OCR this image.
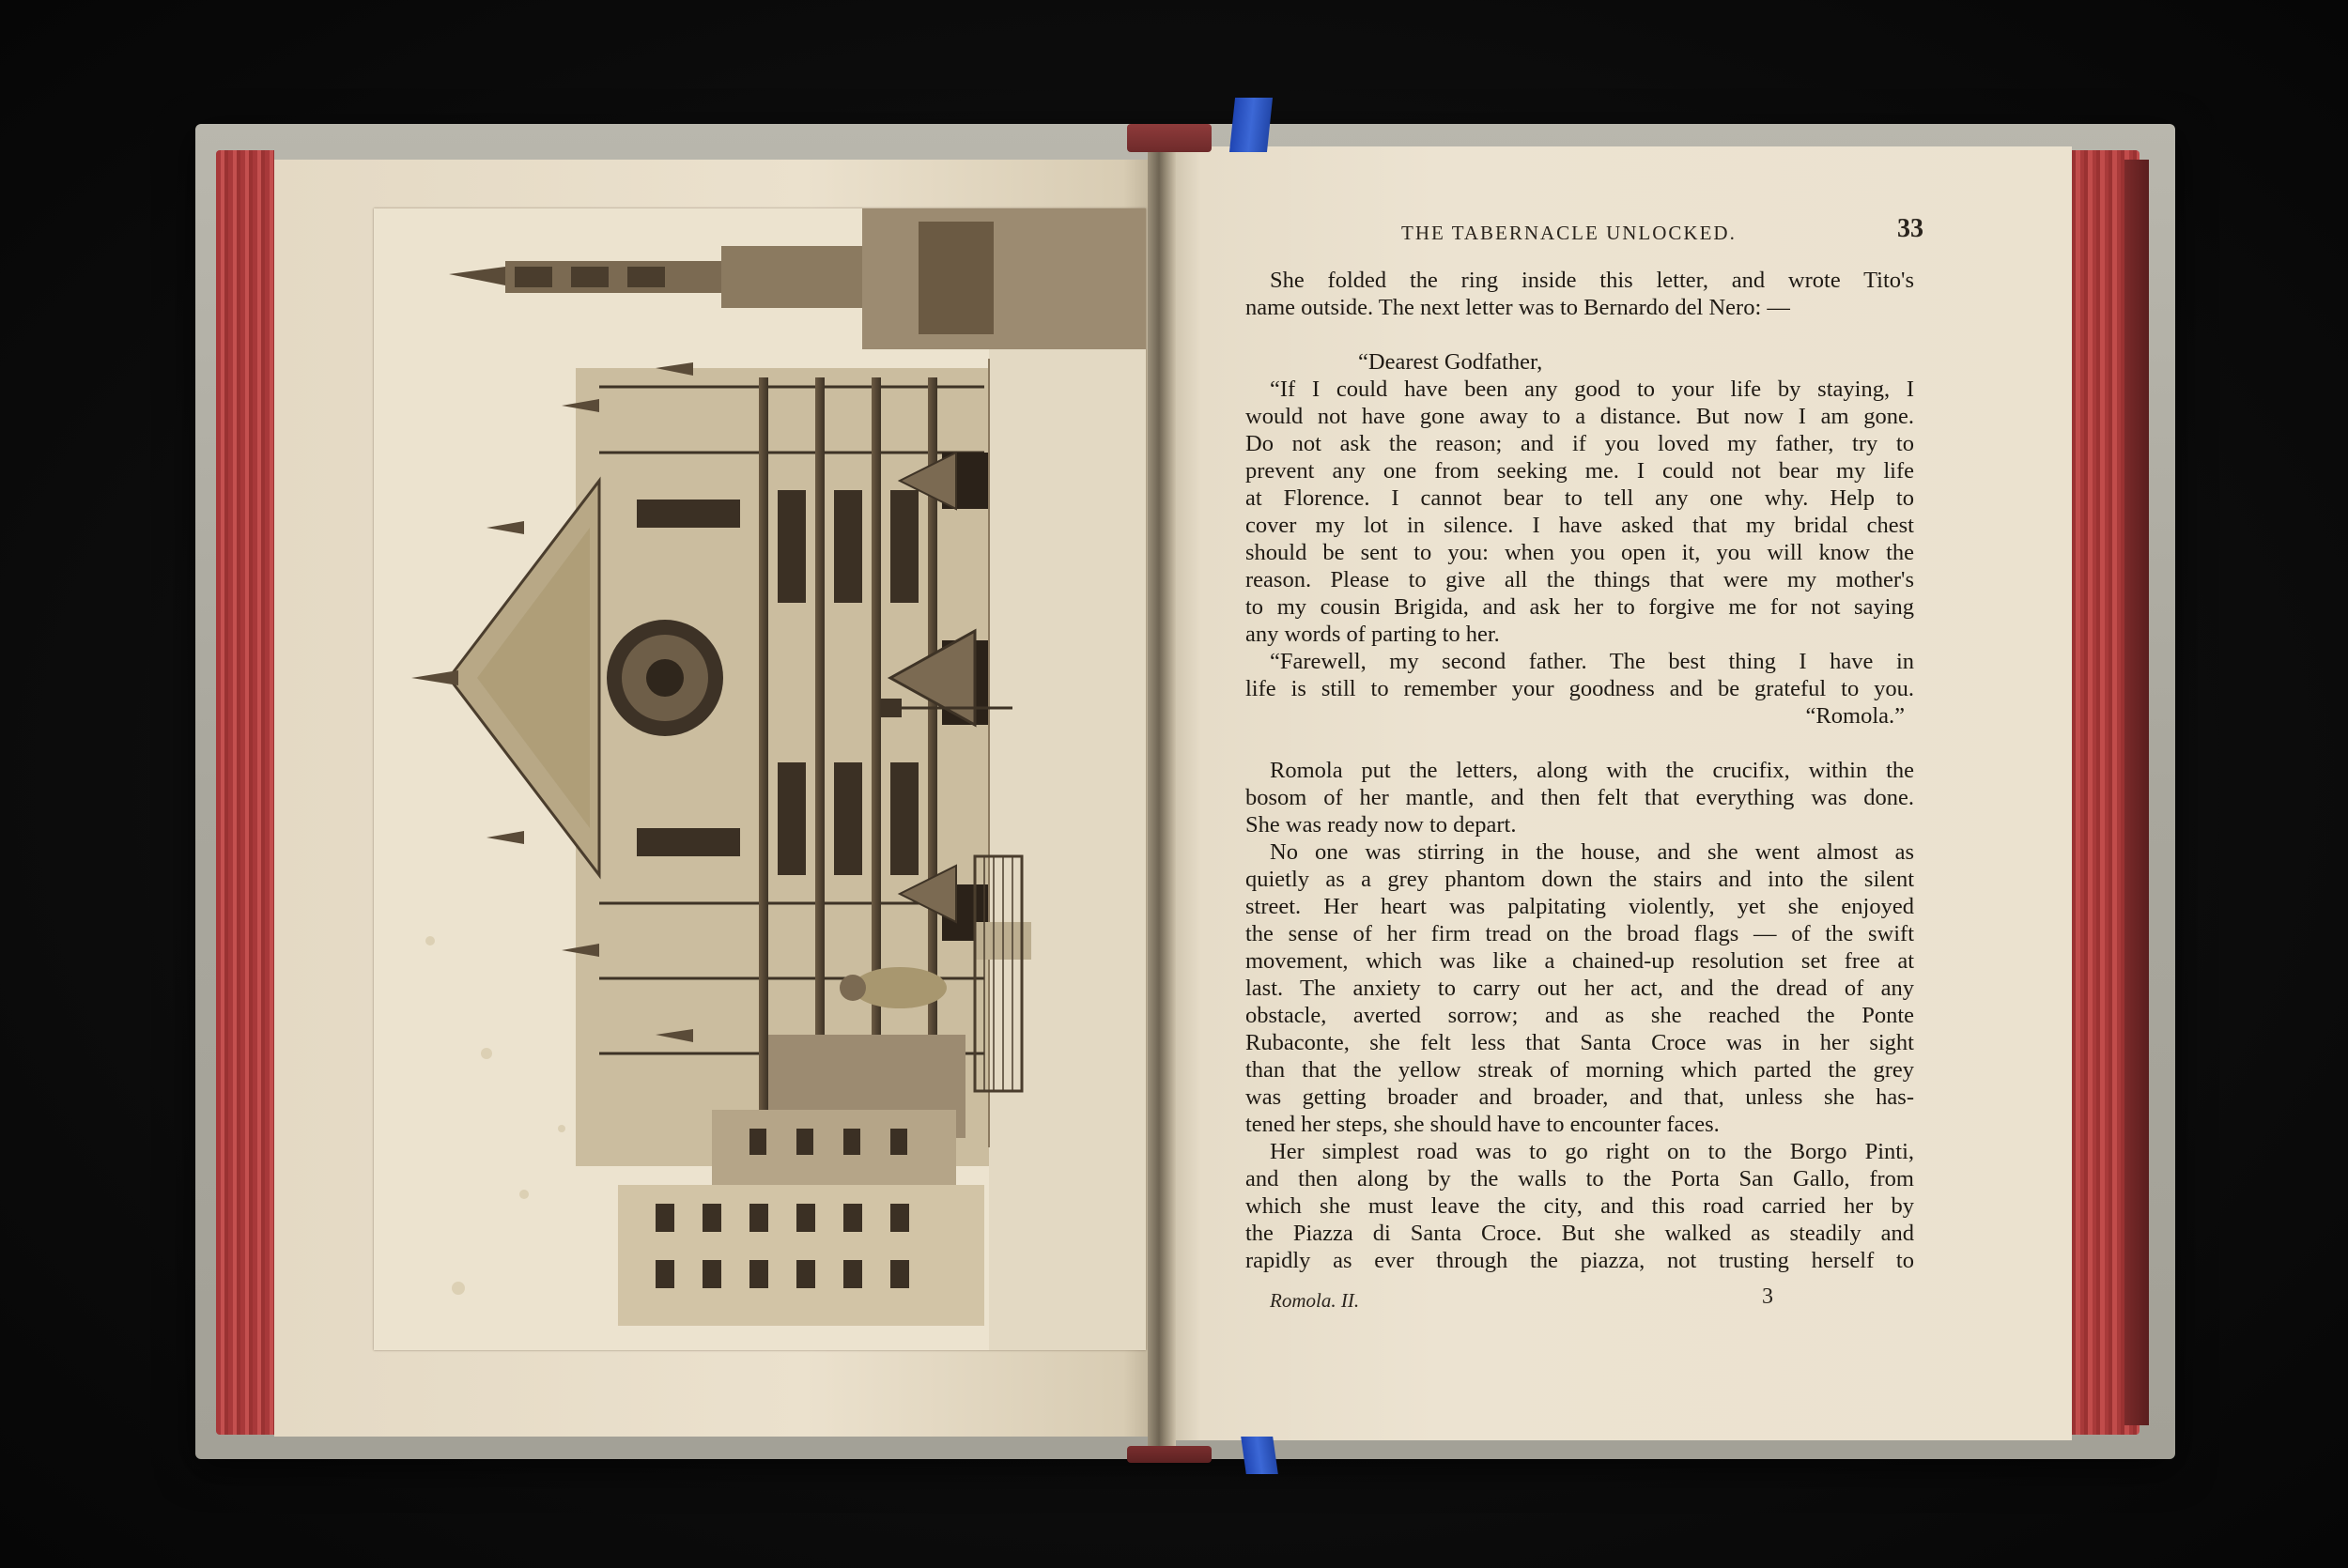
THE TABERNACLE UNLOCKED.	33
She folded the ring inside this letter, and wrote Tito's
name outside. The next letter was to Bernardo del Nero: —
“Dearest Godfather,
“If I could have been any good to your life by staying, I
would not have gone away to a distance. But now I am gone.
Do not ask the reason; and if you loved my father, try to
prevent any one from seeking me. I could not bear my life
at Florence. I cannot bear to tell any one why. Help to
cover my lot in silence. I have asked that my bridal chest
should be sent to you: when you open it, you will know the
reason. Please to give all the things that were my mother's
to my cousin Brigida, and ask her to forgive me for not saying
any words of parting to her.
“Farewell, my second father. The best thing I have in
life is still to remember your goodness and be grateful to you.
“Romola.”
Romola put the letters, along with the crucifix, within the
bosom of her mantle, and then felt that everything was done.
She was ready now to depart.
No one was stirring in the house, and she went almost as
quietly as a grey phantom down the stairs and into the silent
street. Her heart was palpitating violently, yet she enjoyed
the sense of her firm tread on the broad flags — of the swift
movement, which was like a chained-up resolution set free at
last. The anxiety to carry out her act, and the dread of any
obstacle, averted sorrow; and as she reached the Ponte
Rubaconte, she felt less that Santa Croce was in her sight
than that the yellow streak of morning which parted the grey
was getting broader and broader, and that, unless she has-
tened her steps, she should have to encounter faces.
Her simplest road was to go right on to the Borgo Pinti,
and then along by the walls to the Porta San Gallo, from
which she must leave the city, and this road carried her by
the Piazza di Santa Croce. But she walked as steadily and
rapidly as ever through the piazza, not trusting herself to
Romola. II.	3
